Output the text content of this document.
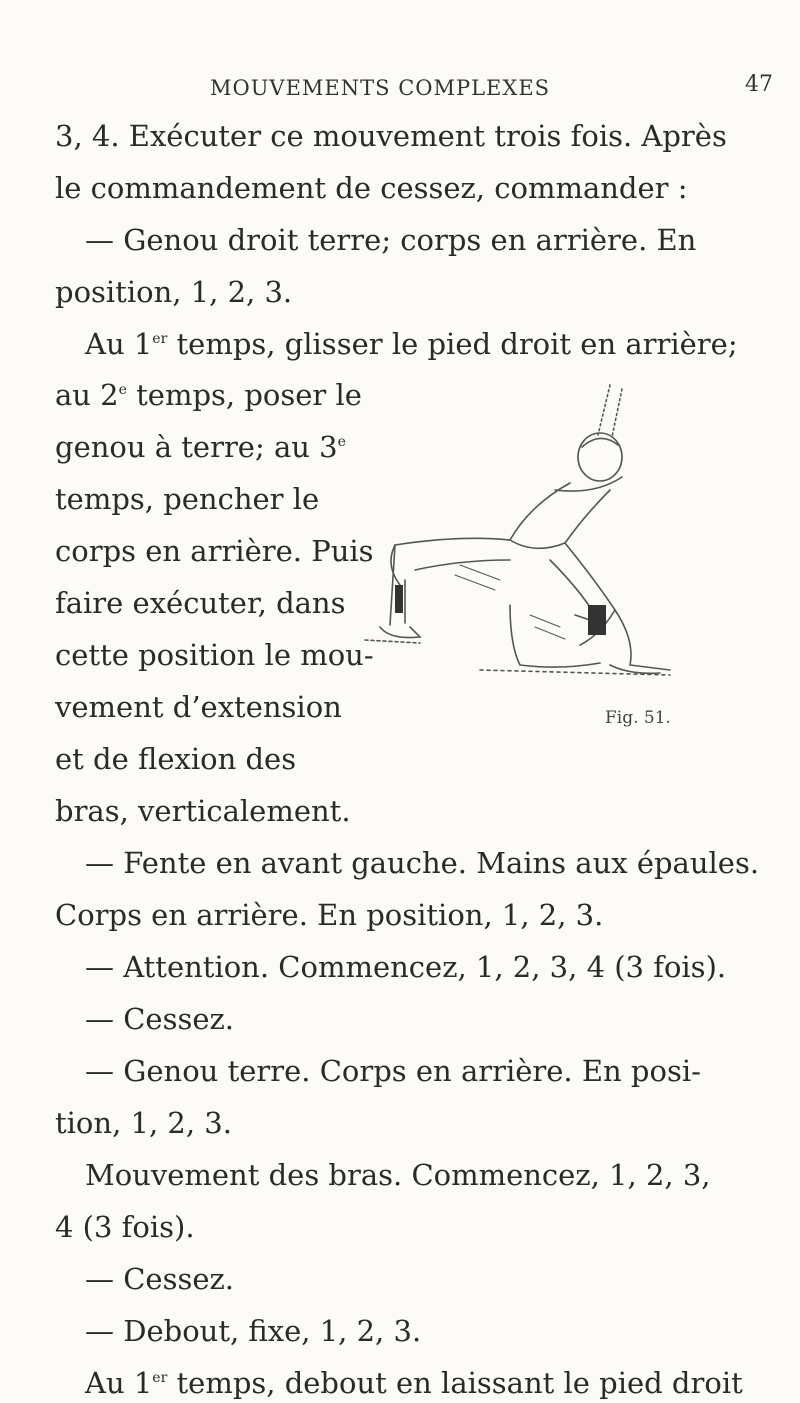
MOUVEMENTS COMPLEXES	47
3, 4. Exécuter ce mouvement trois fois. Après
le commandement de cessez, commander :
— Genou droit terre; corps en arrière. En
position, 1, 2, 3.
Au 1er temps, glisser le pied droit en arrière;
au 2e temps, poser le
genou à terre; au 3e
temps, pencher le
corps en arrière. Puis
faire exécuter, dans
cette position le mou-
vement d’extension
et de flexion des
bras, verticalement.
Fig. 51.
— Fente en avant gauche. Mains aux épaules.
Corps en arrière. En position, 1, 2, 3.
— Attention. Commencez, 1, 2, 3, 4 (3 fois).
— Cessez.
— Genou terre. Corps en arrière. En posi-
tion, 1, 2, 3.
Mouvement des bras. Commencez, 1, 2, 3,
4 (3 fois).
— Cessez.
— Debout, fixe, 1, 2, 3.
Au 1er temps, debout en laissant le pied droit
